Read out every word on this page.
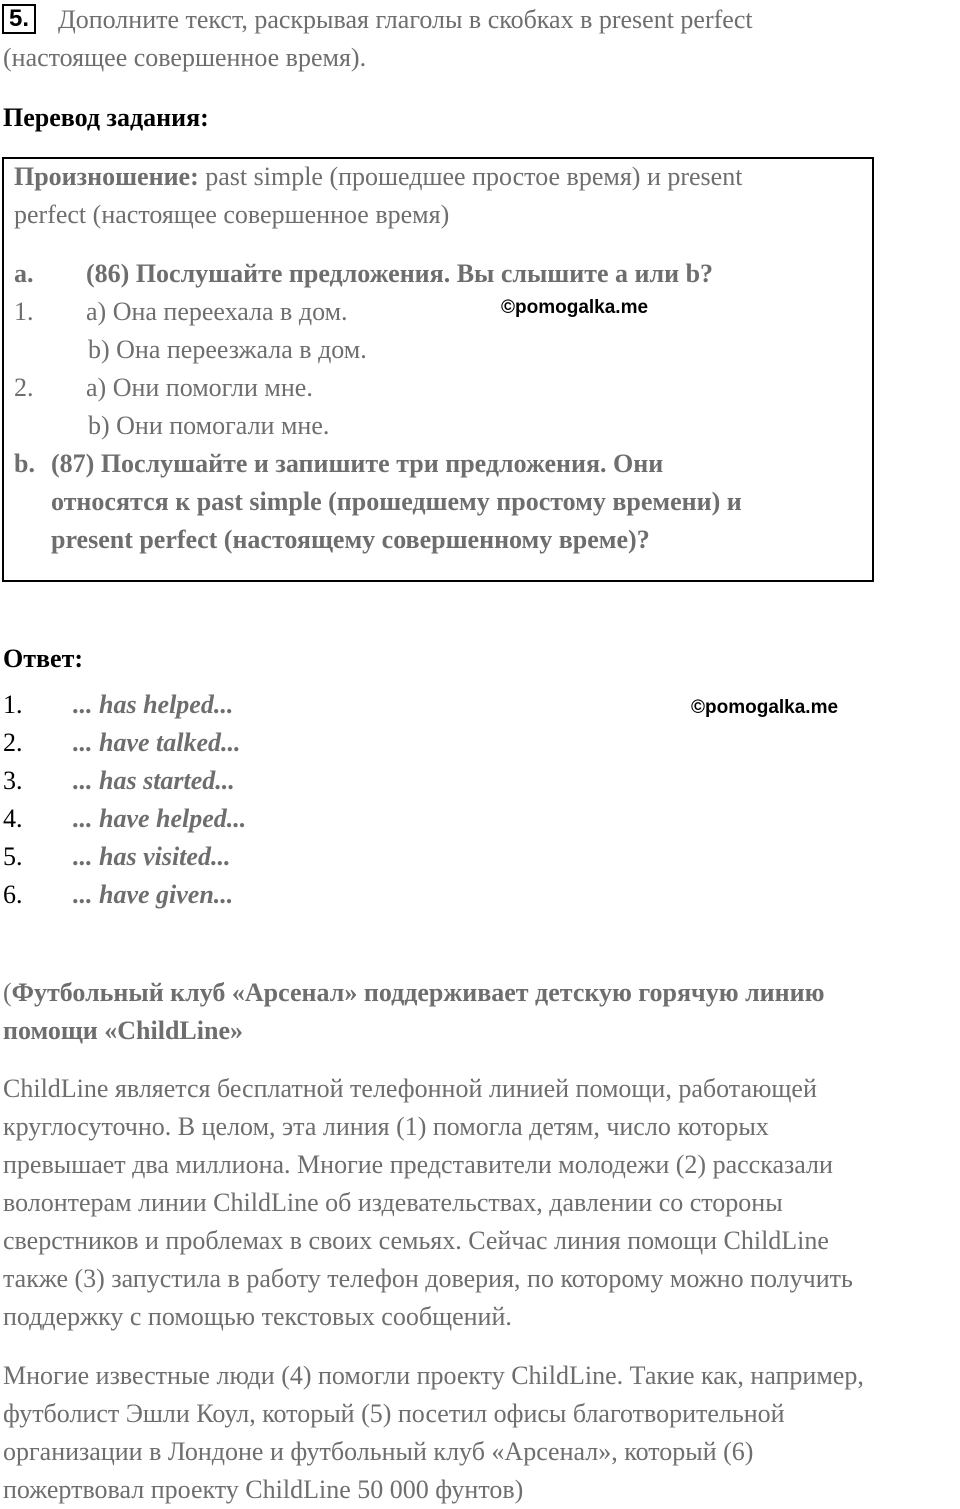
5. Дополните текст, раскрывая глаголы в скобках в present perfect
(настоящее совершенное время).
Перевод задания:
Произношение: past simple (прошедшее простое время) и present
perfect (настоящее совершенное время)
a. (86) Послушайте предложения. Вы слышите a или b?
1. a) Она переехала в дом.	©pomogalka.me
b) Она переезжала в дом.
2. a) Они помогли мне.
b) Они помогали мне.
b. (87) Послушайте и запишите три предложения. Они
относятся к past simple (прошедшему простому времени) и
present perfect (настоящему совершенному време)?
Ответ:
1. ... has helped...	©pomogalka.me
2. ... have talked...
3. ... has started...
4. ... have helped...
5. ... has visited...
6. ... have given...
(Футбольный клуб «Арсенал» поддерживает детскую горячую линию
помощи «ChildLine»
ChildLine является бесплатной телефонной линией помощи, работающей
круглосуточно. В целом, эта линия (1) помогла детям, число которых
превышает два миллиона. Многие представители молодежи (2) рассказали
волонтерам линии ChildLine об издевательствах, давлении со стороны
сверстников и проблемах в своих семьях. Сейчас линия помощи ChildLine
также (3) запустила в работу телефон доверия, по которому можно получить
поддержку с помощью текстовых сообщений.
Многие известные люди (4) помогли проекту ChildLine. Такие как, например,
футболист Эшли Коул, который (5) посетил офисы благотворительной
организации в Лондоне и футбольный клуб «Арсенал», который (6)
пожертвовал проекту ChildLine 50 000 фунтов)
